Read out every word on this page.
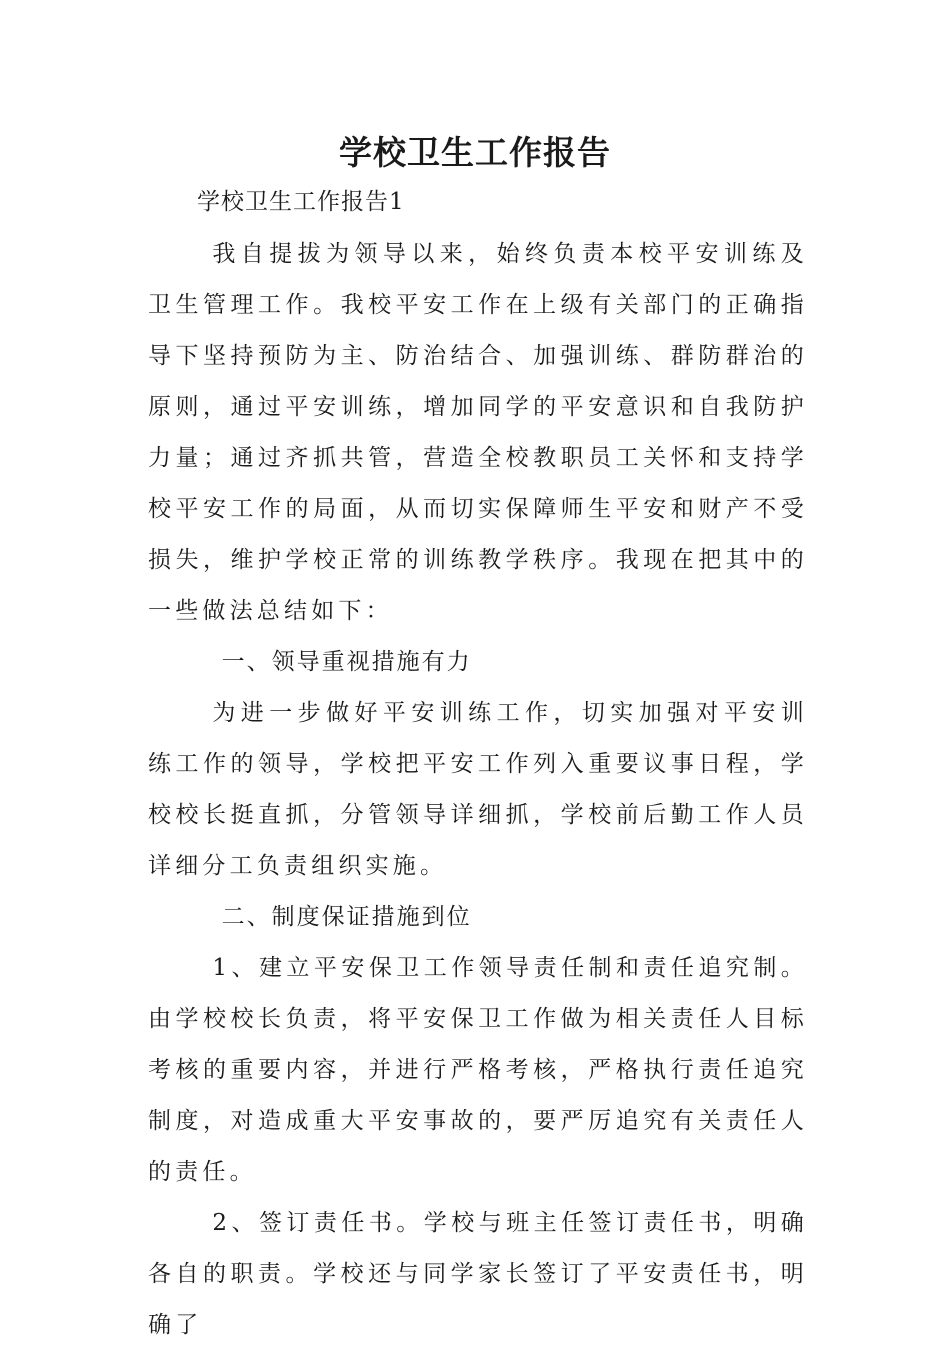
学校卫生工作报告
学校卫生工作报告1

我自提拔为领导以来，始终负责本校平安训练及卫生管理工作。我校平安工作在上级有关部门的正确指导下坚持预防为主、防治结合、加强训练、群防群治的原则，通过平安训练，增加同学的平安意识和自我防护力量；通过齐抓共管，营造全校教职员工关怀和支持学校平安工作的局面，从而切实保障师生平安和财产不受损失，维护学校正常的训练教学秩序。我现在把其中的一些做法总结如下：

一、领导重视措施有力

为进一步做好平安训练工作，切实加强对平安训练工作的领导，学校把平安工作列入重要议事日程，学校校长挺直抓，分管领导详细抓，学校前后勤工作人员详细分工负责组织实施。

二、制度保证措施到位

1、建立平安保卫工作领导责任制和责任追究制。由学校校长负责，将平安保卫工作做为相关责任人目标考核的重要内容，并进行严格考核，严格执行责任追究制度，对造成重大平安事故的，要严厉追究有关责任人的责任。

2、签订责任书。学校与班主任签订责任书，明确各自的职责。学校还与同学家长签订了平安责任书，明确了
